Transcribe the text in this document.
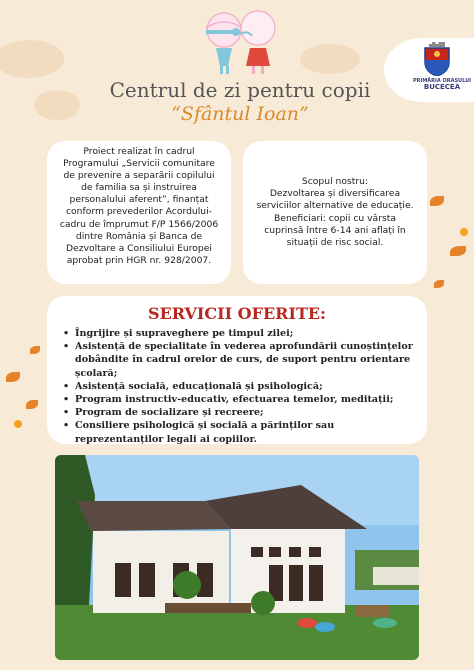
PRIMĂRIA ORAȘULUI
BUCECEA
Centrul de zi pentru copii
“Sfântul Ioan”
Proiect realizat în cadrul
Programului „Servicii comunitare
de prevenire a separării copilului
de familia sa și instruirea
personalului aferent”, finanțat
conform prevederilor Acordului-
cadru de împrumut F/P 1566/2006
dintre România și Banca de
Dezvoltare a Consiliului Europei
aprobat prin HGR nr. 928/2007.
Scopul nostru:
Dezvoltarea și diversificarea
serviciilor alternative de educație.
Beneficiari: copii cu vârsta
cuprinsă între 6-14 ani aflați în
situații de risc social.
SERVICII OFERITE:
• Îngrijire și supraveghere pe timpul zilei;
• Asistență de specialitate în vederea aprofundării cunoștințelor dobândite în cadrul orelor de curs, de suport pentru orientare școlară;
• Asistență socială, educațională și psihologică;
• Program instructiv-educativ, efectuarea temelor, meditații;
• Program de socializare și recreere;
• Consiliere psihologică și socială a părinților sau reprezentanților legali ai copiilor.
